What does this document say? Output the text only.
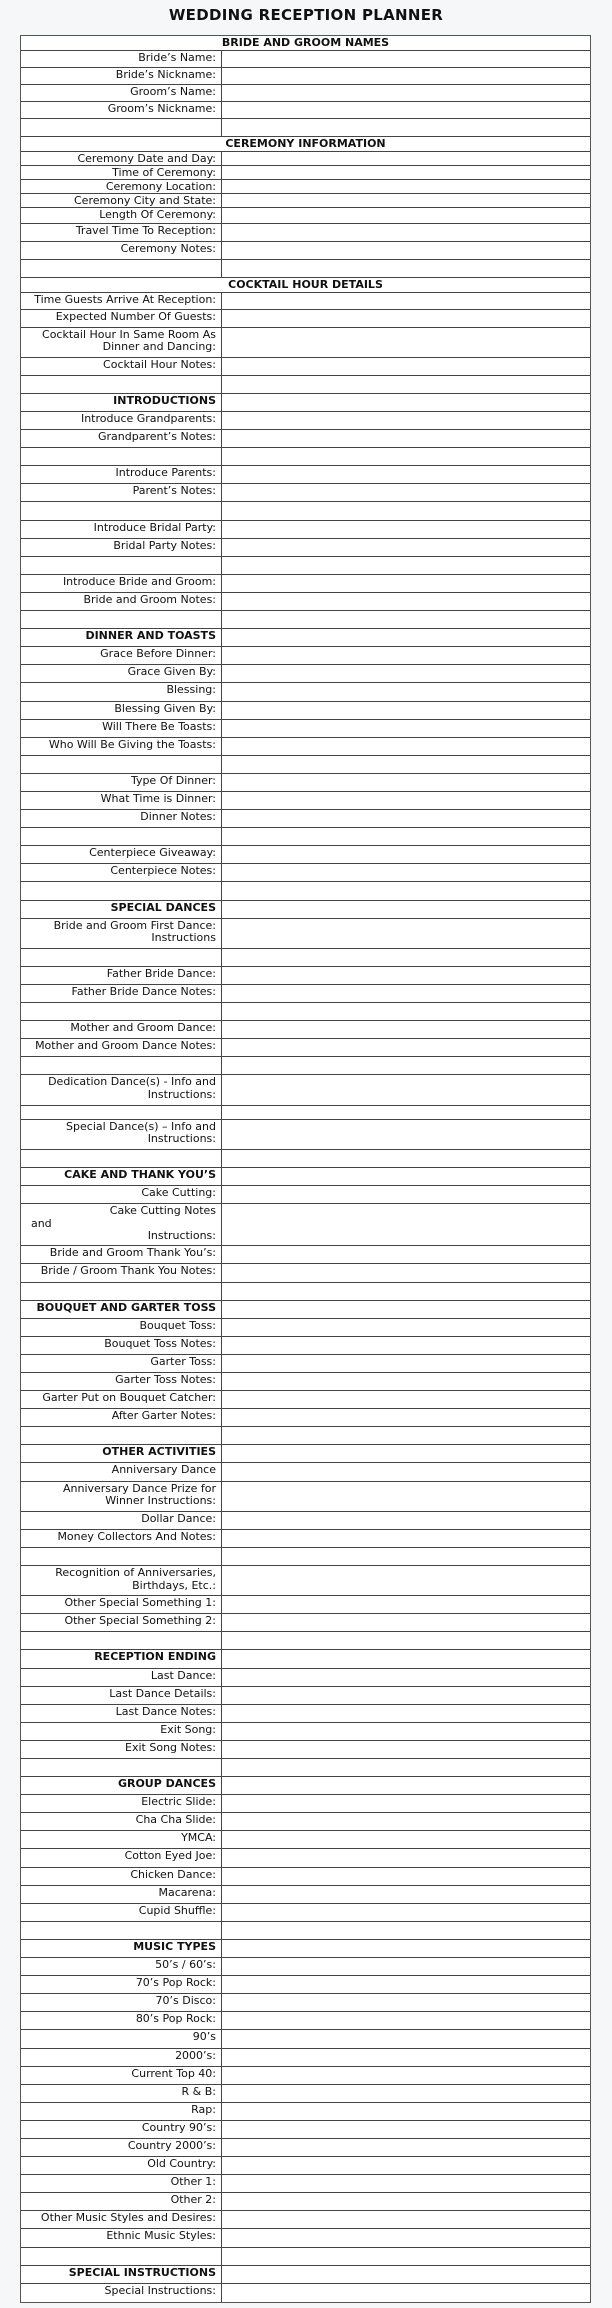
WEDDING RECEPTION PLANNER
BRIDE AND GROOM NAMES
Bride’s Name:
Bride’s Nickname:
Groom’s Name:
Groom’s Nickname:
CEREMONY INFORMATION
Ceremony Date and Day:
Time of Ceremony:
Ceremony Location:
Ceremony City and State:
Length Of Ceremony:
Travel Time To Reception:
Ceremony Notes:
COCKTAIL HOUR DETAILS
Time Guests Arrive At Reception:
Expected Number Of Guests:
Cocktail Hour In Same Room As Dinner and Dancing:
Cocktail Hour Notes:
INTRODUCTIONS
Introduce Grandparents:
Grandparent’s Notes:
Introduce Parents:
Parent’s Notes:
Introduce Bridal Party:
Bridal Party Notes:
Introduce Bride and Groom:
Bride and Groom Notes:
DINNER AND TOASTS
Grace Before Dinner:
Grace Given By:
Blessing:
Blessing Given By:
Will There Be Toasts:
Who Will Be Giving the Toasts:
Type Of Dinner:
What Time is Dinner:
Dinner Notes:
Centerpiece Giveaway:
Centerpiece Notes:
SPECIAL DANCES
Bride and Groom First Dance: Instructions
Father Bride Dance:
Father Bride Dance Notes:
Mother and Groom Dance:
Mother and Groom Dance Notes:
Dedication Dance(s) - Info and Instructions:
Special Dance(s) – Info and Instructions:
CAKE AND THANK YOU’S
Cake Cutting:
Cake Cutting Notes and                                                Instructions:
Bride and Groom Thank You’s:
Bride / Groom Thank You Notes:
BOUQUET AND GARTER TOSS
Bouquet Toss:
Bouquet Toss Notes:
Garter Toss:
Garter Toss Notes:
Garter Put on Bouquet Catcher:
After Garter Notes:
OTHER ACTIVITIES
Anniversary Dance
Anniversary Dance Prize for Winner Instructions:
Dollar Dance:
Money Collectors And Notes:
Recognition of Anniversaries, Birthdays, Etc.:
Other Special Something 1:
Other Special Something 2:
RECEPTION ENDING
Last Dance:
Last Dance Details:
Last Dance Notes:
Exit Song:
Exit Song Notes:
GROUP DANCES
Electric Slide:
Cha Cha Slide:
YMCA:
Cotton Eyed Joe:
Chicken Dance:
Macarena:
Cupid Shuffle:
MUSIC TYPES
50’s / 60’s:
70’s Pop Rock:
70’s Disco:
80’s Pop Rock:
90’s
2000’s:
Current Top 40:
R & B:
Rap:
Country 90’s:
Country 2000’s:
Old Country:
Other 1:
Other 2:
Other Music Styles and Desires:
Ethnic Music Styles:
SPECIAL INSTRUCTIONS
Special Instructions:
